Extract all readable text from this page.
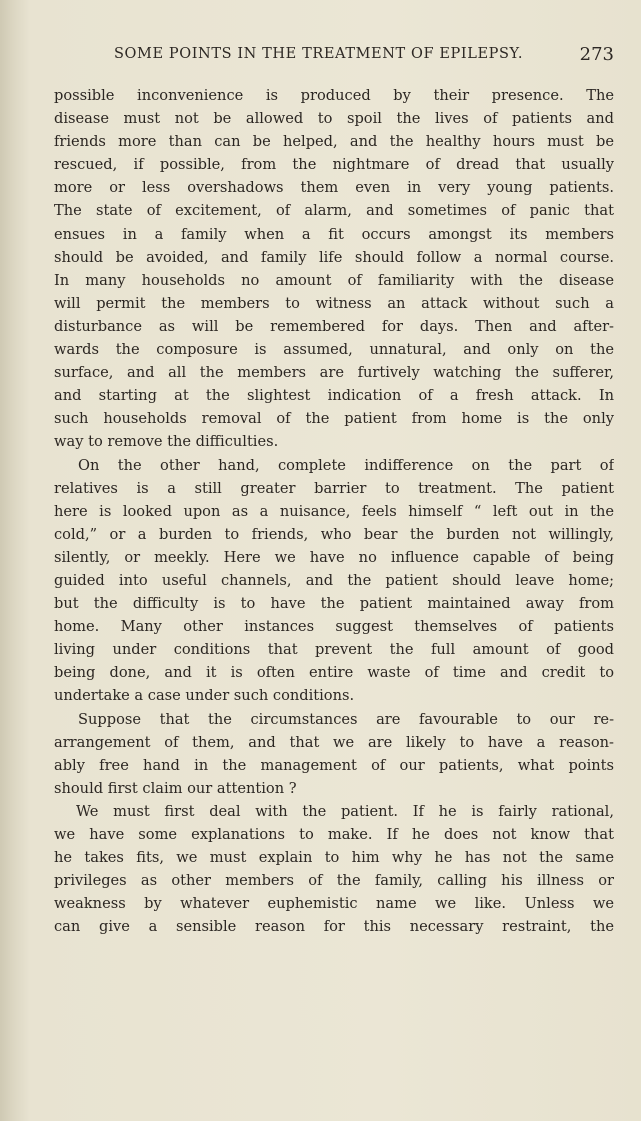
SOME POINTS IN THE TREATMENT OF EPILEPSY.	273
possible inconvenience is produced by their presence. The
disease must not be allowed to spoil the lives of patients and
friends more than can be helped, and the healthy hours must be
rescued, if possible, from the nightmare of dread that usually
more or less overshadows them even in very young patients.
The state of excitement, of alarm, and sometimes of panic that
ensues in a family when a fit occurs amongst its members
should be avoided, and family life should follow a normal course.
In many households no amount of familiarity with the disease
will permit the members to witness an attack without such a
disturbance as will be remembered for days. Then and after-
wards the composure is assumed, unnatural, and only on the
surface, and all the members are furtively watching the sufferer,
and starting at the slightest indication of a fresh attack. In
such households removal of the patient from home is the only
way to remove the difficulties.
On the other hand, complete indifference on the part of
relatives is a still greater barrier to treatment. The patient
here is looked upon as a nuisance, feels himself “ left out in the
cold,” or a burden to friends, who bear the burden not willingly,
silently, or meekly. Here we have no influence capable of being
guided into useful channels, and the patient should leave home;
but the difficulty is to have the patient maintained away from
home. Many other instances suggest themselves of patients
living under conditions that prevent the full amount of good
being done, and it is often entire waste of time and credit to
undertake a case under such conditions.
Suppose that the circumstances are favourable to our re-
arrangement of them, and that we are likely to have a reason-
ably free hand in the management of our patients, what points
should first claim our attention ?
We must first deal with the patient. If he is fairly rational,
we have some explanations to make. If he does not know that
he takes fits, we must explain to him why he has not the same
privileges as other members of the family, calling his illness or
weakness by whatever euphemistic name we like. Unless we
can give a sensible reason for this necessary restraint, the
